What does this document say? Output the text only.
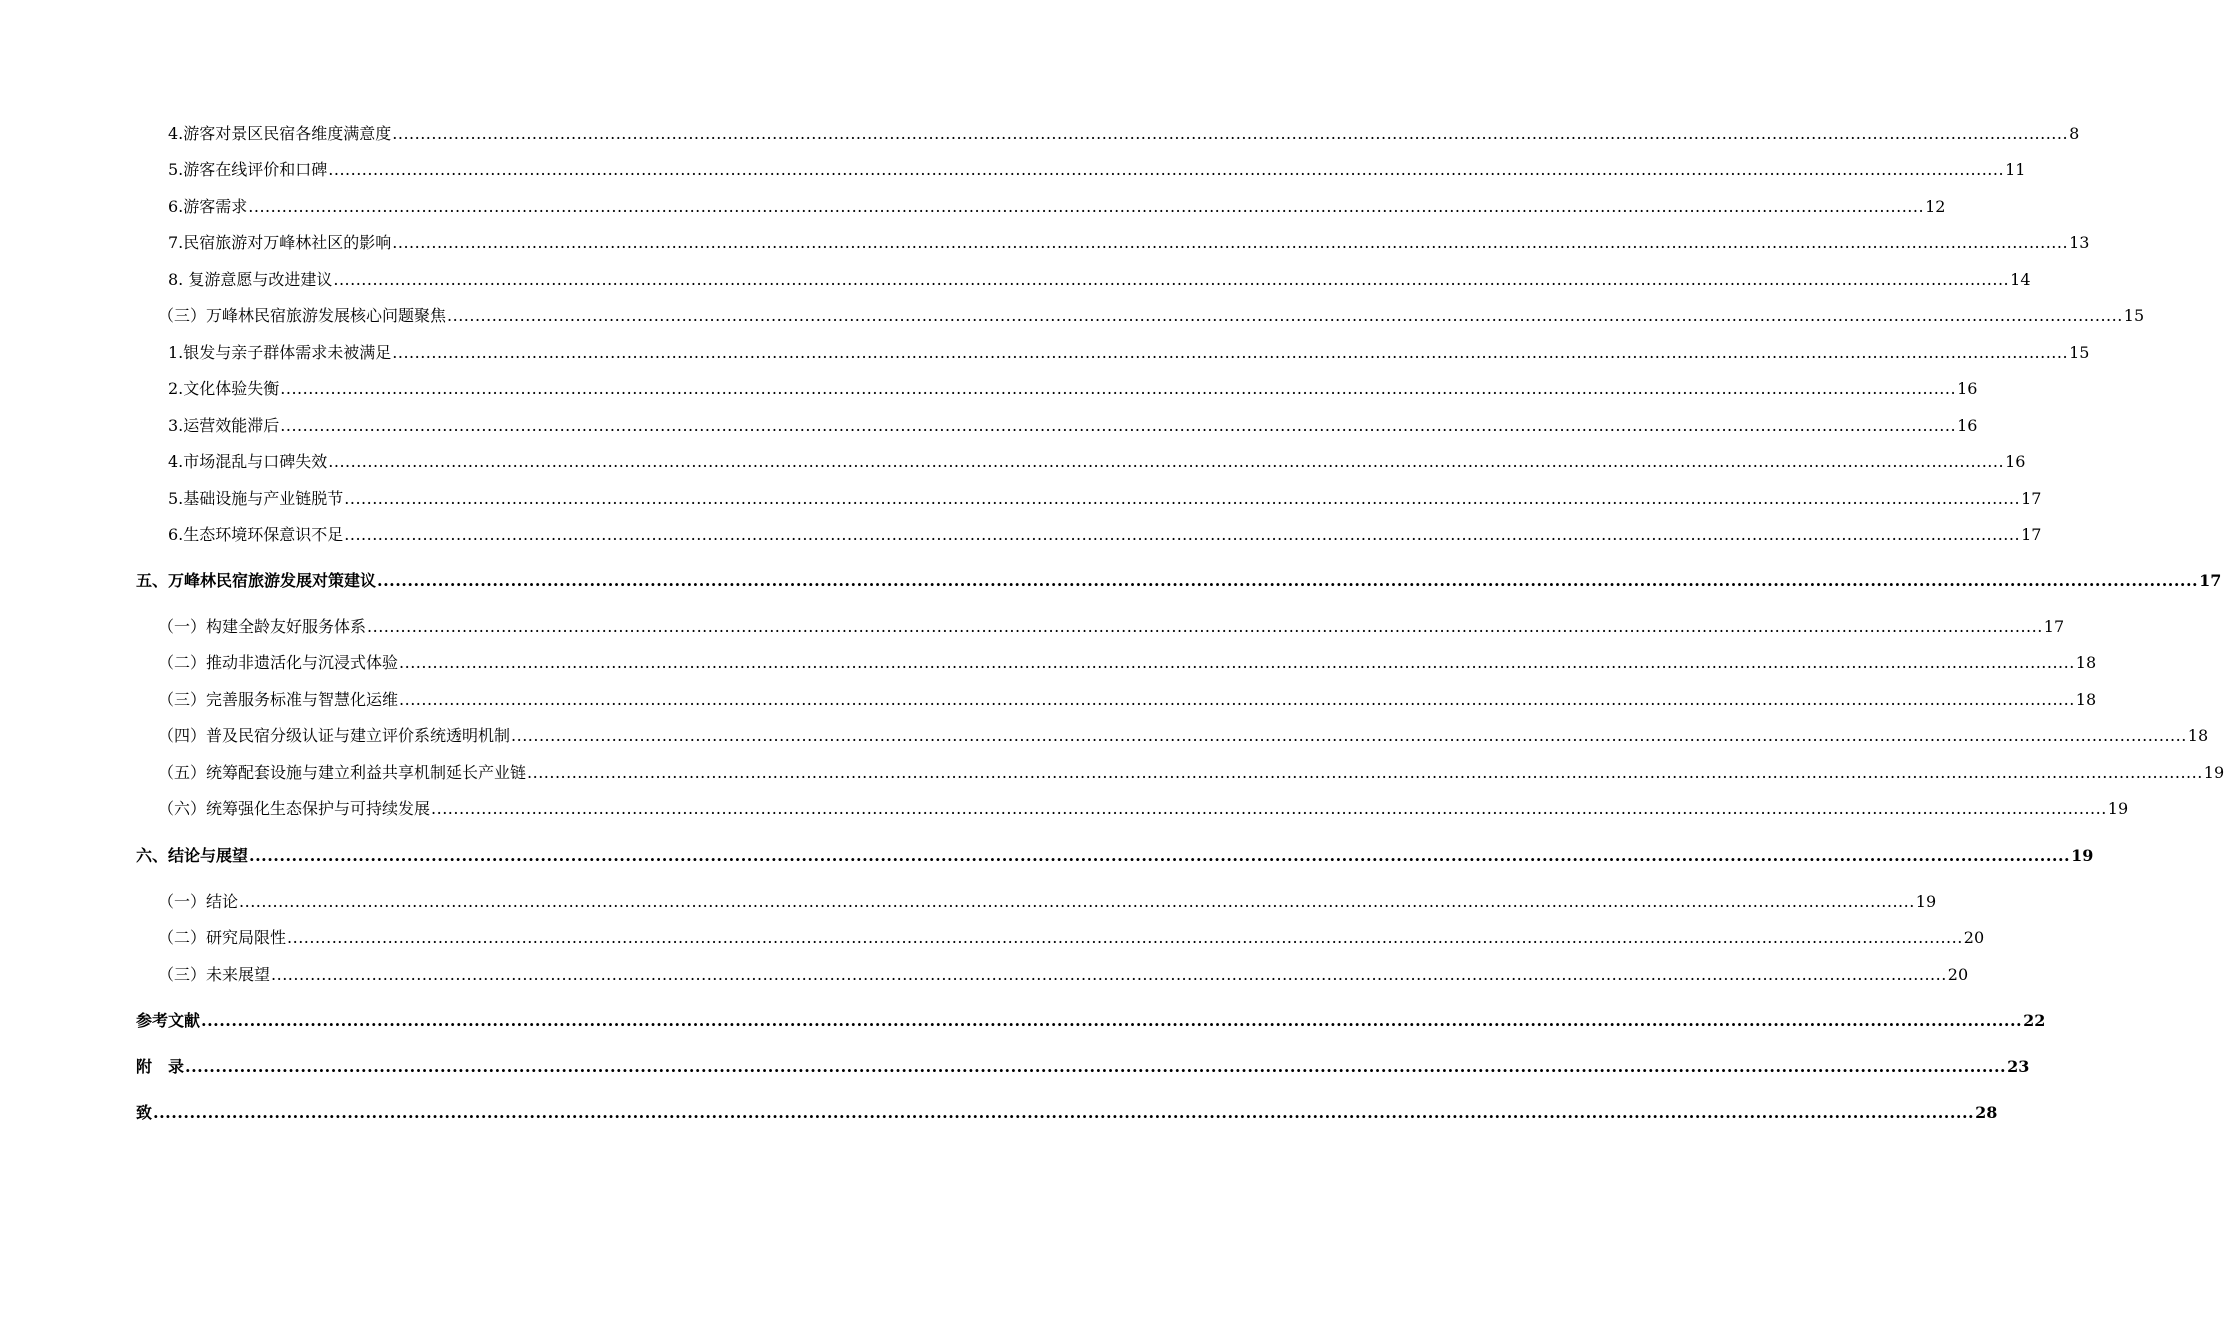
4.游客对景区民宿各维度满意度 ............................................................................................................................................................................................................................................................................................................ 8
5.游客在线评价和口碑 ............................................................................................................................................................................................................................................................................................................ 11
6.游客需求 ............................................................................................................................................................................................................................................................................................................ 12
7.民宿旅游对万峰林社区的影响 ............................................................................................................................................................................................................................................................................................................ 13
8. 复游意愿与改进建议 ............................................................................................................................................................................................................................................................................................................ 14
（三）万峰林民宿旅游发展核心问题聚焦 ............................................................................................................................................................................................................................................................................................................ 15
1.银发与亲子群体需求未被满足 ............................................................................................................................................................................................................................................................................................................ 15
2.文化体验失衡 ............................................................................................................................................................................................................................................................................................................ 16
3.运营效能滞后 ............................................................................................................................................................................................................................................................................................................ 16
4.市场混乱与口碑失效 ............................................................................................................................................................................................................................................................................................................ 16
5.基础设施与产业链脱节 ............................................................................................................................................................................................................................................................................................................ 17
6.生态环境环保意识不足 ............................................................................................................................................................................................................................................................................................................ 17
五、万峰林民宿旅游发展对策建议 ............................................................................................................................................................................................................................................................................................................ 17
（一）构建全龄友好服务体系 ............................................................................................................................................................................................................................................................................................................ 17
（二）推动非遗活化与沉浸式体验 ............................................................................................................................................................................................................................................................................................................ 18
（三）完善服务标准与智慧化运维 ............................................................................................................................................................................................................................................................................................................ 18
（四）普及民宿分级认证与建立评价系统透明机制 ............................................................................................................................................................................................................................................................................................................ 18
（五）统筹配套设施与建立利益共享机制延长产业链 ............................................................................................................................................................................................................................................................................................................ 19
（六）统筹强化生态保护与可持续发展 ............................................................................................................................................................................................................................................................................................................ 19
六、结论与展望 ............................................................................................................................................................................................................................................................................................................ 19
（一）结论 ............................................................................................................................................................................................................................................................................................................ 19
（二）研究局限性 ............................................................................................................................................................................................................................................................................................................ 20
（三）未来展望 ............................................................................................................................................................................................................................................................................................................ 20
参考文献 ............................................................................................................................................................................................................................................................................................................ 22
附　录 ............................................................................................................................................................................................................................................................................................................ 23
致 ............................................................................................................................................................................................................................................................................................................ 28
